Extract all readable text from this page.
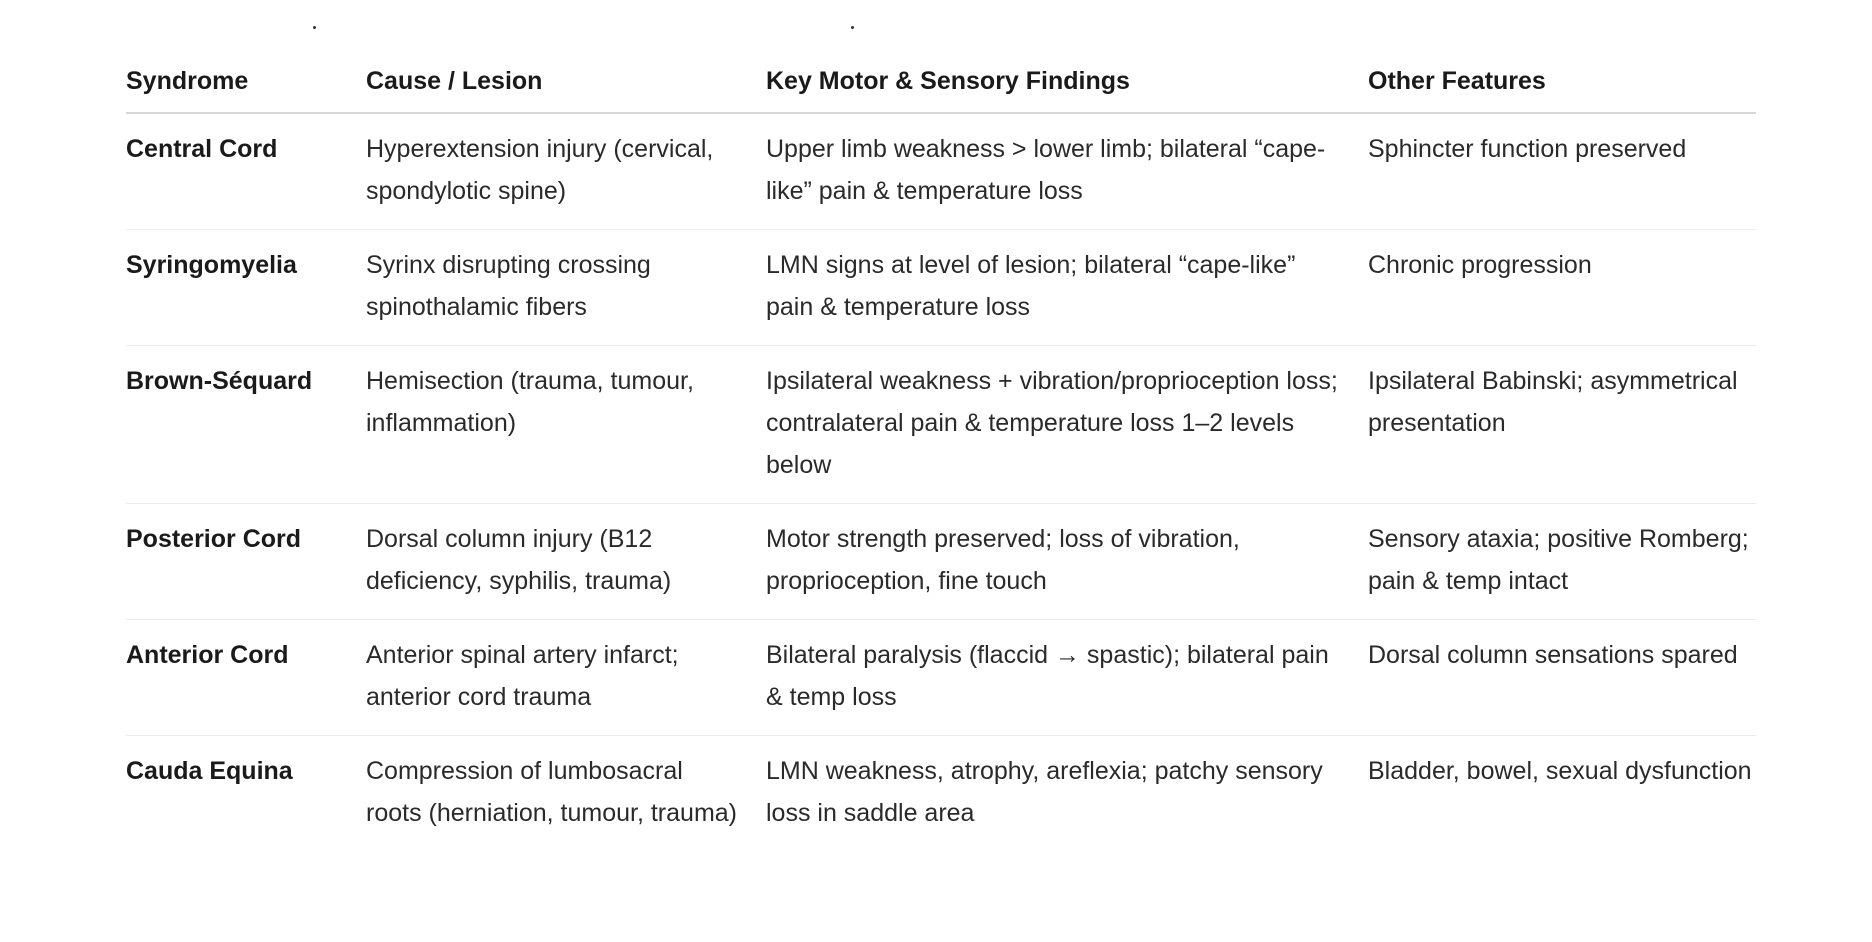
Syndrome	Cause / Lesion	Key Motor & Sensory Findings	Other Features
Central Cord	Hyperextension injury (cervical, spondylotic spine)	Upper limb weakness > lower limb; bilateral “cape-like” pain & temperature loss	Sphincter function preserved
Syringomyelia	Syrinx disrupting crossing spinothalamic fibers	LMN signs at level of lesion; bilateral “cape-like” pain & temperature loss	Chronic progression
Brown-Séquard	Hemisection (trauma, tumour, inflammation)	Ipsilateral weakness + vibration/proprioception loss; contralateral pain & temperature loss 1–2 levels below	Ipsilateral Babinski; asymmetrical presentation
Posterior Cord	Dorsal column injury (B12 deficiency, syphilis, trauma)	Motor strength preserved; loss of vibration, proprioception, fine touch	Sensory ataxia; positive Romberg; pain & temp intact
Anterior Cord	Anterior spinal artery infarct; anterior cord trauma	Bilateral paralysis (flaccid → spastic); bilateral pain & temp loss	Dorsal column sensations spared
Cauda Equina	Compression of lumbosacral roots (herniation, tumour, trauma)	LMN weakness, atrophy, areflexia; patchy sensory loss in saddle area	Bladder, bowel, sexual dysfunction
